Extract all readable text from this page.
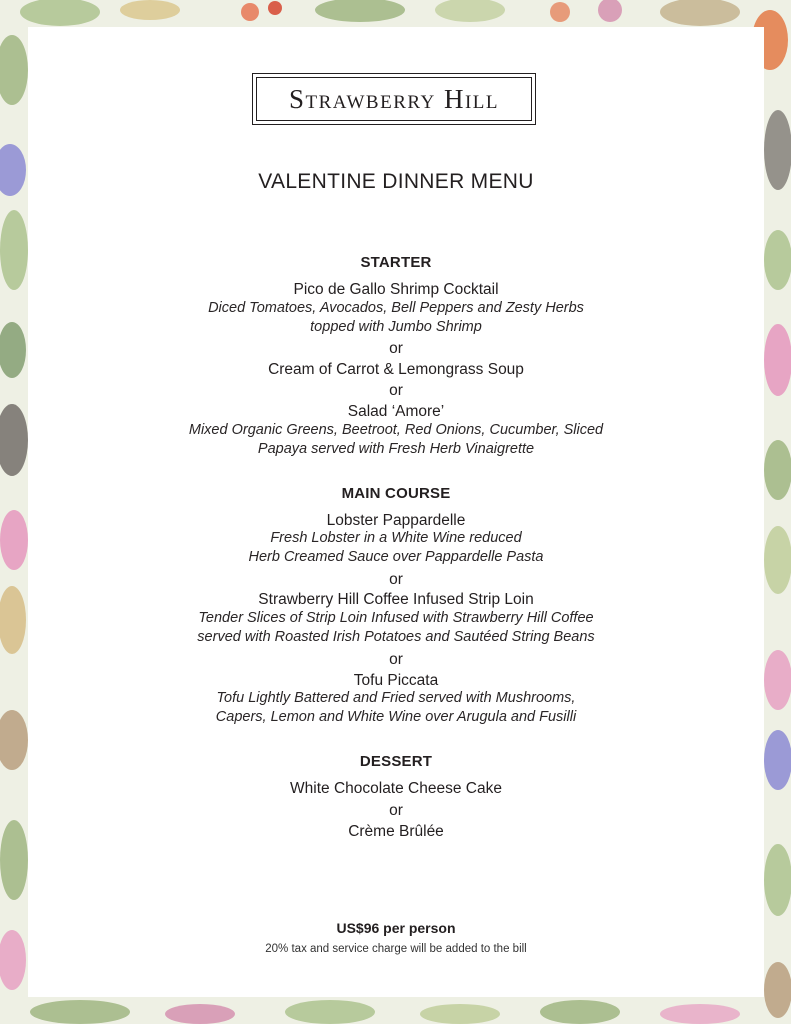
Strawberry Hill
VALENTINE DINNER MENU
STARTER
Pico de Gallo Shrimp Cocktail
Diced Tomatoes, Avocados, Bell Peppers and Zesty Herbs
topped with Jumbo Shrimp
or
Cream of Carrot & Lemongrass Soup
or
Salad ‘Amore’
Mixed Organic Greens, Beetroot, Red Onions, Cucumber, Sliced
Papaya served with Fresh Herb Vinaigrette
MAIN COURSE
Lobster Pappardelle
Fresh Lobster in a White Wine reduced
Herb Creamed Sauce over Pappardelle Pasta
or
Strawberry Hill Coffee Infused Strip Loin
Tender Slices of Strip Loin Infused with Strawberry Hill Coffee
served with Roasted Irish Potatoes and Sautéed String Beans
or
Tofu Piccata
Tofu Lightly Battered and Fried served with Mushrooms,
Capers, Lemon and White Wine over Arugula and Fusilli
DESSERT
White Chocolate Cheese Cake
or
Crème Brûlée
US$96 per person
20% tax and service charge will be added to the bill
